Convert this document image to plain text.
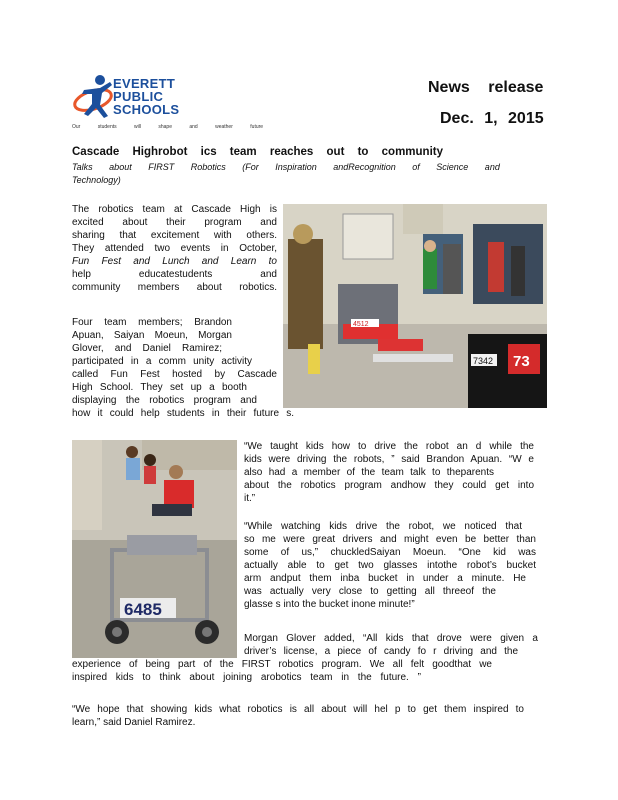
EVERETT
PUBLIC
SCHOOLS
Our students will shape and weather future
News release
Dec. 1, 2015
Cascade Highrobot ics team reaches out to community
Talks about FIRST Robotics (For Inspiration andRecognition of Science and Technology)
The robotics team at Cascade High is
excited about their program and
sharing that excitement with others.
They attended two events in October,
Fun Fest and Lunch and Learn to
help educatestudents and
community members about robotics.
Four team members; Brandon
Apuan, Saiyan Moeun, Morgan
Glover, and Daniel Ramirez;
participated in a comm unity activity
called Fun Fest hosted by Cascade
High School. They set up a booth
displaying the robotics program and
how it could help students in their future s.
7342 73
4512
6485
“We taught kids how to drive the robot an d while the
kids were driving the robots, ” said Brandon Apuan. “W e
also had a member of the team talk to theparents
about the robotics program andhow they could get into
it.”
“While watching kids drive the robot, we noticed that
so me were great drivers and might even be better than
some of us,” chuckledSaiyan Moeun. “One kid was
actually able to get two glasses intothe robot’s bucket
arm andput them inba bucket in under a minute. He
was actually very close to getting all threeof the
glasse s into the bucket inone minute!”
Morgan Glover added, “All kids that drove were given a
driver’s license, a piece of candy fo r driving and the
experience of being part of the FIRST robotics program. We all felt goodthat we
inspired kids to think about joining arobotics team in the future. ”
“We hope that showing kids what robotics is all about will hel p to get them inspired to
learn,” said Daniel Ramirez.
